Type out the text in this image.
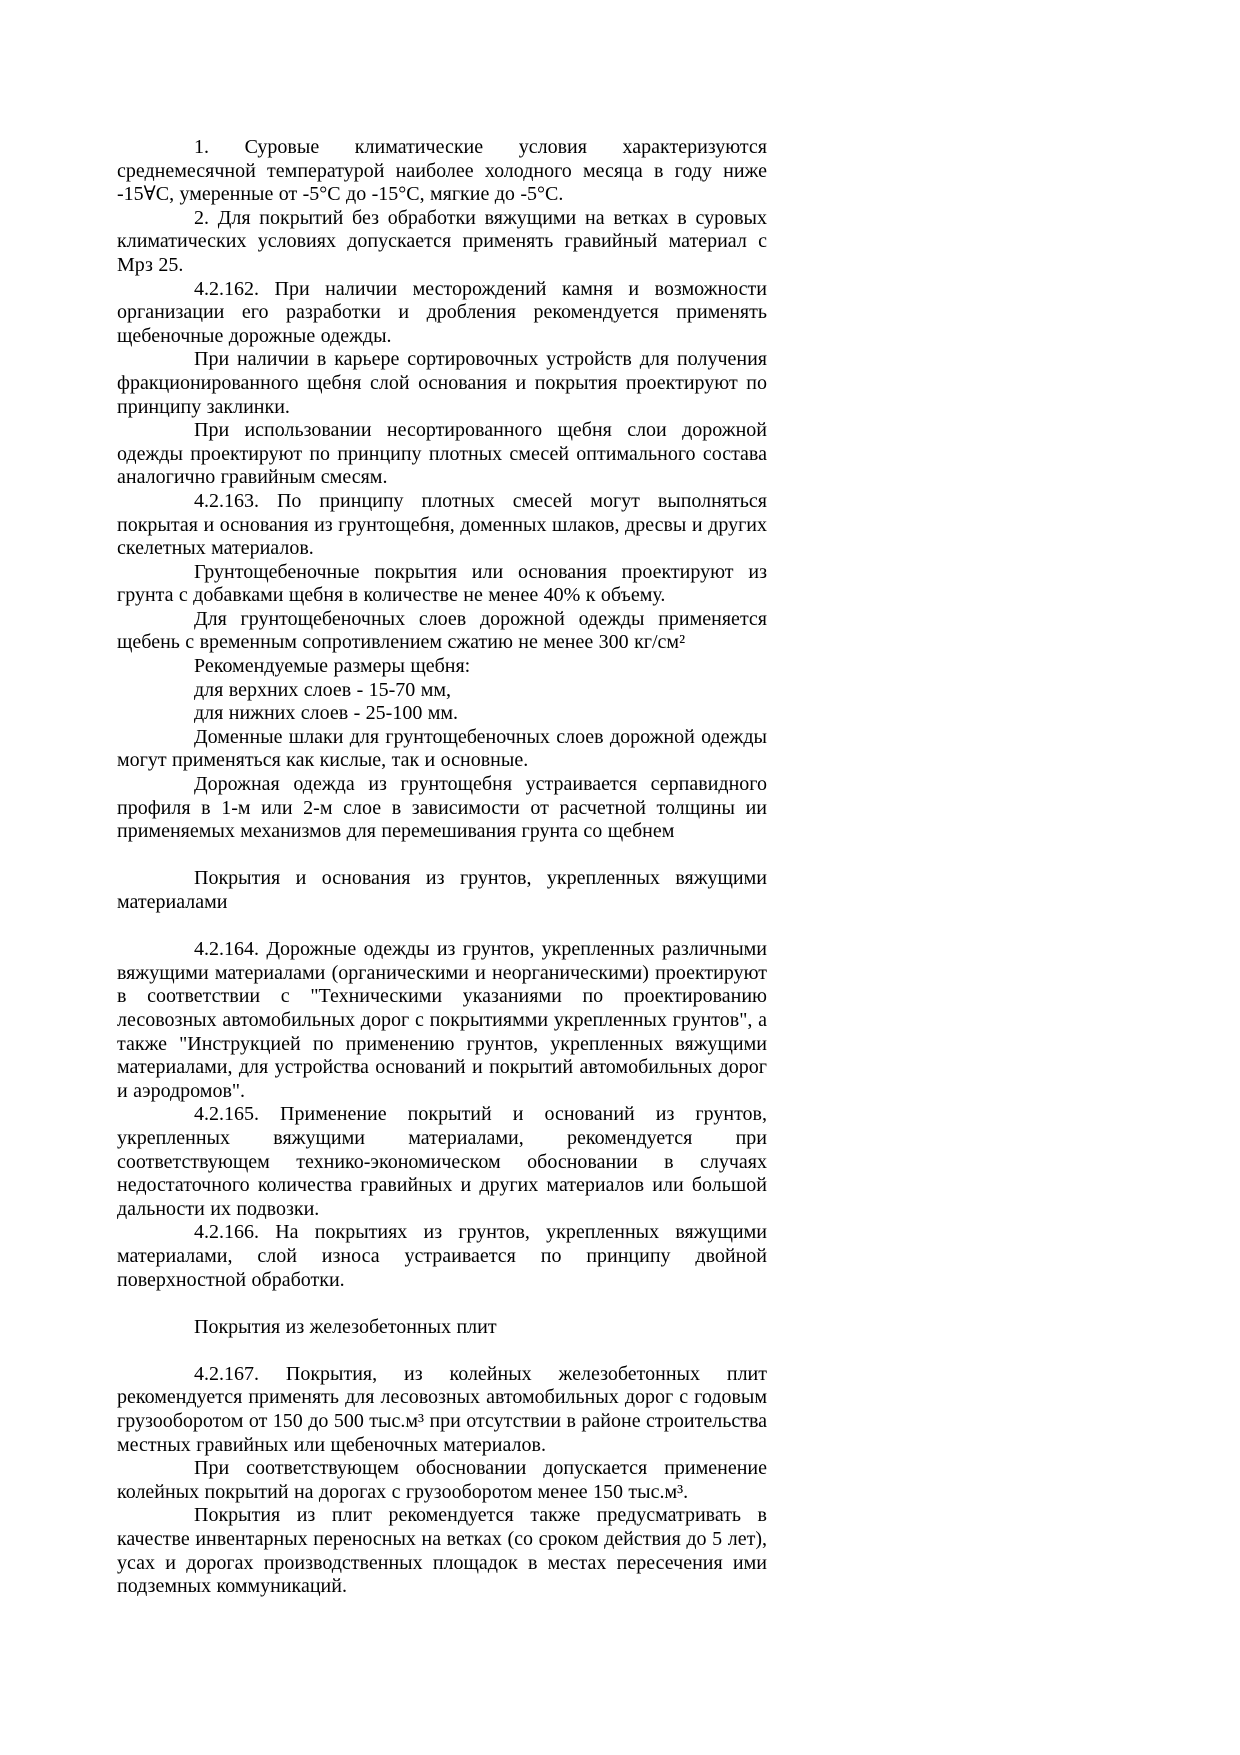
1. Суровые климатические условия характеризуются среднемесячной температурой наиболее холодного месяца в году ниже -15∀С, умеренные от -5°С до -15°С, мягкие до -5°С.

2. Для покрытий без обработки вяжущими на ветках в суровых климатических условиях допускается применять гравийный материал с Мрз 25.

4.2.162. При наличии месторождений камня и возможности организации его разработки и дробления рекомендуется применять щебеночные дорожные одежды.

При наличии в карьере сортировочных устройств для получения фракционированного щебня слой основания и покрытия проектируют по принципу заклинки.

При использовании несортированного щебня слои дорожной одежды проектируют по принципу плотных смесей оптимального состава аналогично гравийным смесям.

4.2.163. По принципу плотных смесей могут выполняться покрытая и основания из грунтощебня, доменных шлаков, дресвы и других скелетных материалов.

Грунтощебеночные покрытия или основания проектируют из грунта с добавками щебня в количестве не менее 40% к объему.

Для грунтощебеночных слоев дорожной одежды применяется щебень с временным сопротивлением сжатию не менее 300 кг/см²

Рекомендуемые размеры щебня:

для верхних слоев - 15-70 мм,

для нижних слоев - 25-100 мм.

Доменные шлаки для грунтощебеночных слоев дорожной одежды могут применяться как кислые, так и основные.

Дорожная одежда из грунтощебня устраивается серпавидного профиля в 1-м или 2-м слое в зависимости от расчетной толщины ии применяемых механизмов для перемешивания грунта со щебнем

Покрытия и основания из грунтов, укрепленных вяжущими материалами

4.2.164. Дорожные одежды из грунтов, укрепленных различными вяжущими материалами (органическими и неорганическими) проектируют в соответствии с "Техническими указаниями по проектированию лесовозных автомобильных дорог с покрытиямми укрепленных грунтов", а также "Инструкцией по применению грунтов, укрепленных вяжущими материалами, для устройства оснований и покрытий автомобильных дорог и аэродромов".

4.2.165. Применение покрытий и оснований из грунтов, укрепленных вяжущими материалами, рекомендуется при соответствующем технико-экономическом обосновании в случаях недостаточного количества гравийных и других материалов или большой дальности их подвозки.

4.2.166. На покрытиях из грунтов, укрепленных вяжущими материалами, слой износа устраивается по принципу двойной поверхностной обработки.

Покрытия из железобетонных плит

4.2.167. Покрытия, из колейных железобетонных плит рекомендуется применять для лесовозных автомобильных дорог с годовым грузооборотом от 150 до 500 тыс.м³ при отсутствии в районе строительства местных гравийных или щебеночных материалов.

При соответствующем обосновании допускается применение колейных покрытий на дорогах с грузооборотом менее 150 тыс.м³.

Покрытия из плит рекомендуется также предусматривать в качестве инвентарных переносных на ветках (со сроком действия до 5 лет), усах и дорогах производственных площадок в местах пересечения ими подземных коммуникаций.
